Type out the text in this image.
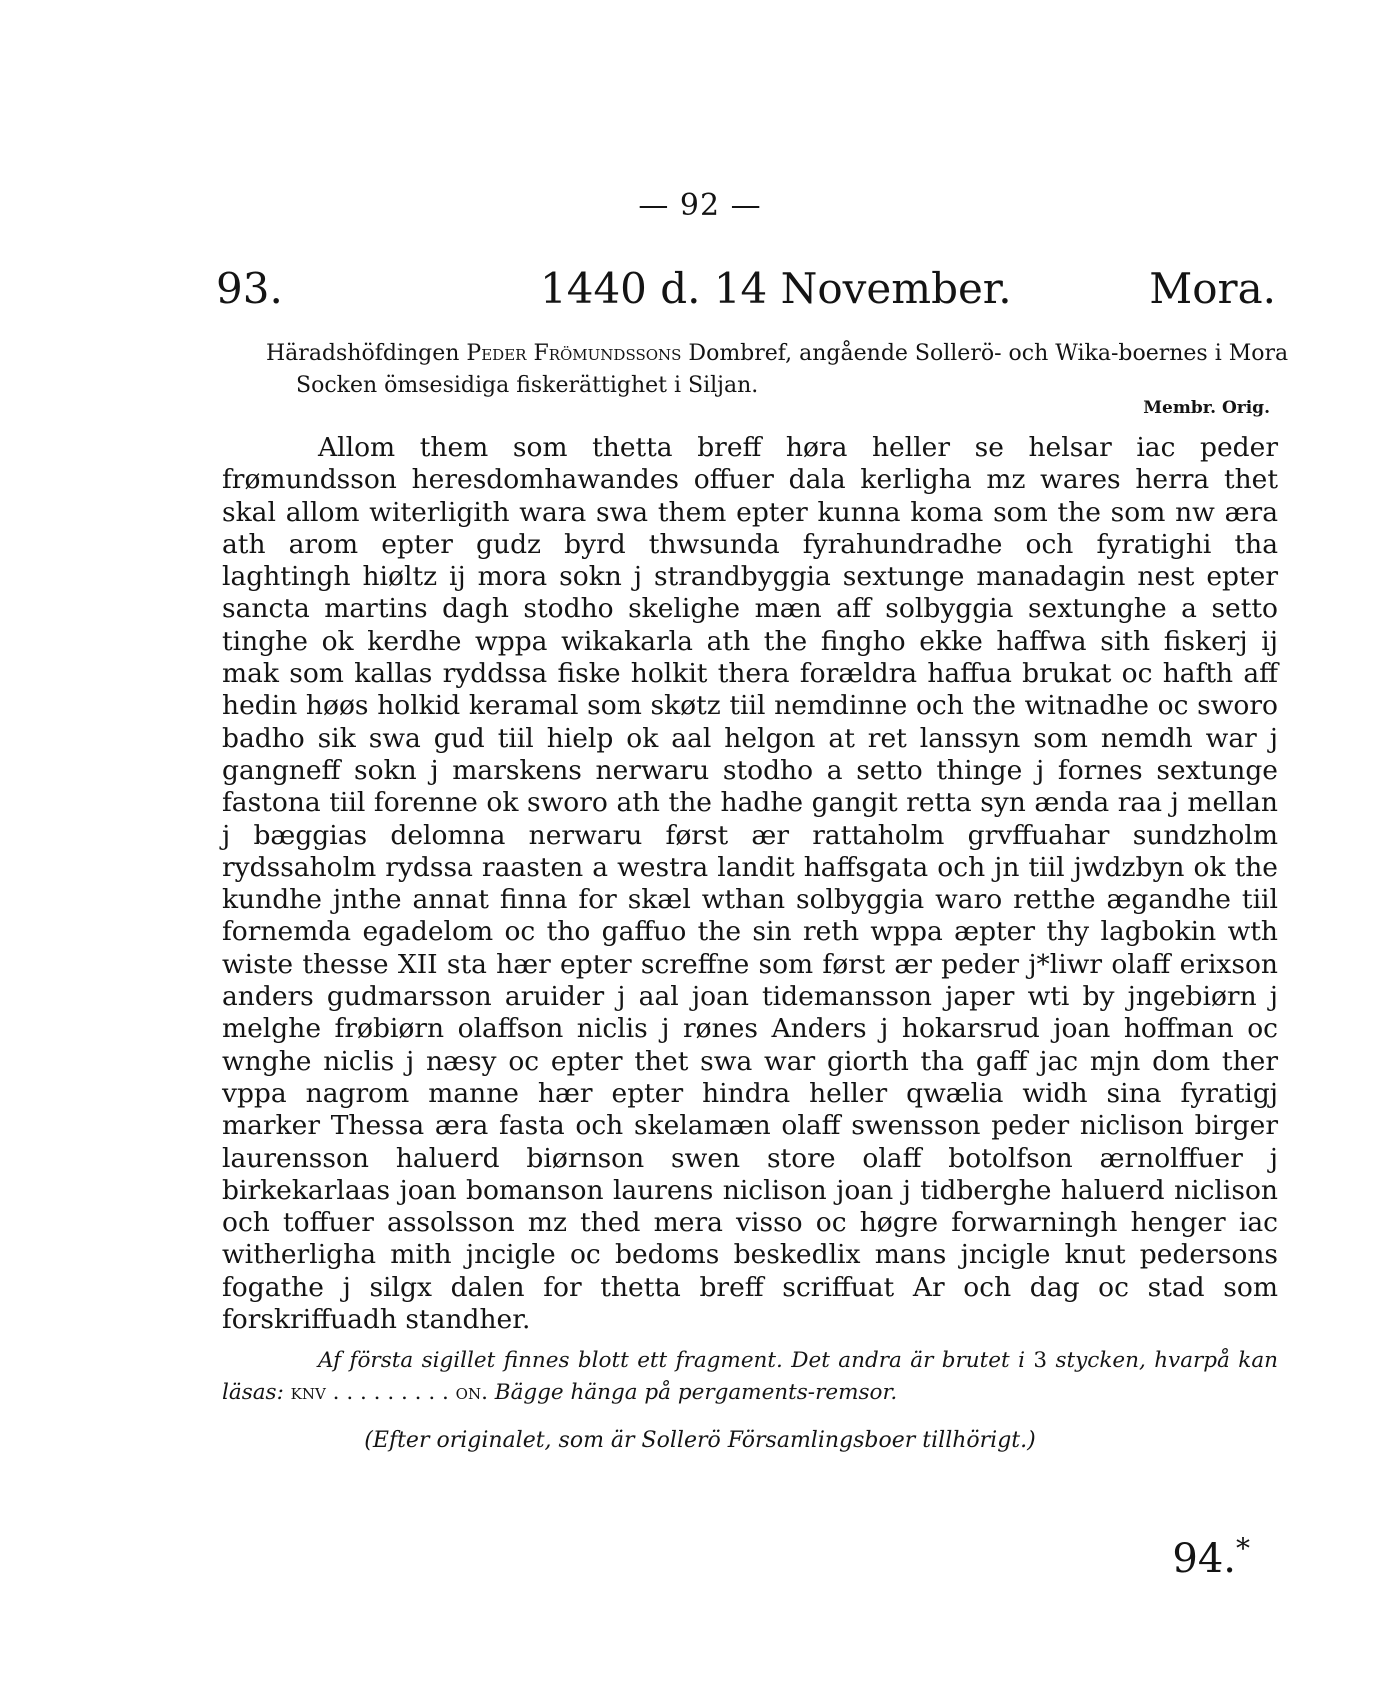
— 92 —
93.	1440 d. 14 November.	Mora.
Häradshöfdingen Peder Frömundssons Dombref, angående Sollerö- och Wika-boernes i Mora Socken ömsesidiga fiskerättighet i Siljan.
Membr. Orig.
Allom them som thetta breff høra heller se helsar iac peder frømundsson heresdomhawandes offuer dala kerligha mz wares herra thet skal allom witerligith wara swa them epter kunna koma som the som nw æra ath arom epter gudz byrd thwsunda fyrahundradhe och fyratighi tha laghtingh hiøltz ij mora sokn j strandbyggia sextunge manadagin nest epter sancta martins dagh stodho skelighe mæn aff solbyggia sextunghe a setto tinghe ok kerdhe wppa wikakarla ath the fingho ekke haffwa sith fiskerj ij mak som kallas ryddssa fiske holkit thera forældra haffua brukat oc hafth aff hedin høøs holkid keramal som skøtz tiil nemdinne och the witnadhe oc sworo badho sik swa gud tiil hielp ok aal helgon at ret lanssyn som nemdh war j gangneff sokn j marskens nerwaru stodho a setto thinge j fornes sextunge fastona tiil forenne ok sworo ath the hadhe gangit retta syn ænda raa j mellan j bæggias delomna nerwaru først ær rattaholm grvffuahar sundzholm rydssaholm rydssa raasten a westra landit haffsgata och jn tiil jwdzbyn ok the kundhe jnthe annat finna for skæl wthan solbyggia waro retthe ægandhe tiil fornemda egadelom oc tho gaffuo the sin reth wppa æpter thy lagbokin wth wiste thesse XII sta hær epter screffne som først ær peder j*liwr olaff erixson anders gudmarsson aruider j aal joan tidemansson japer wti by jngebiørn j melghe frøbiørn olaffson niclis j rønes Anders j hokarsrud joan hoffman oc wnghe niclis j næsy oc epter thet swa war giorth tha gaff jac mjn dom ther vppa nagrom manne hær epter hindra heller qwælia widh sina fyratigj marker Thessa æra fasta och skelamæn olaff swensson peder niclison birger laurensson haluerd biørnson swen store olaff botolfson ærnolffuer j birkekarlaas joan bomanson laurens niclison joan j tidberghe haluerd niclison och toffuer assolsson mz thed mera visso oc høgre forwarningh henger iac witherligha mith jncigle oc bedoms beskedlix mans jncigle knut pedersons fogathe j silgx dalen for thetta breff scriffuat Ar och dag oc stad som forskriffuadh standher.
Af första sigillet finnes blott ett fragment. Det andra är brutet i 3 stycken, hvarpå kan läsas: knv . . . . . . . . . on. Bägge hänga på pergaments-remsor.
(Efter originalet, som är Sollerö Församlingsboer tillhörigt.)
94.*
